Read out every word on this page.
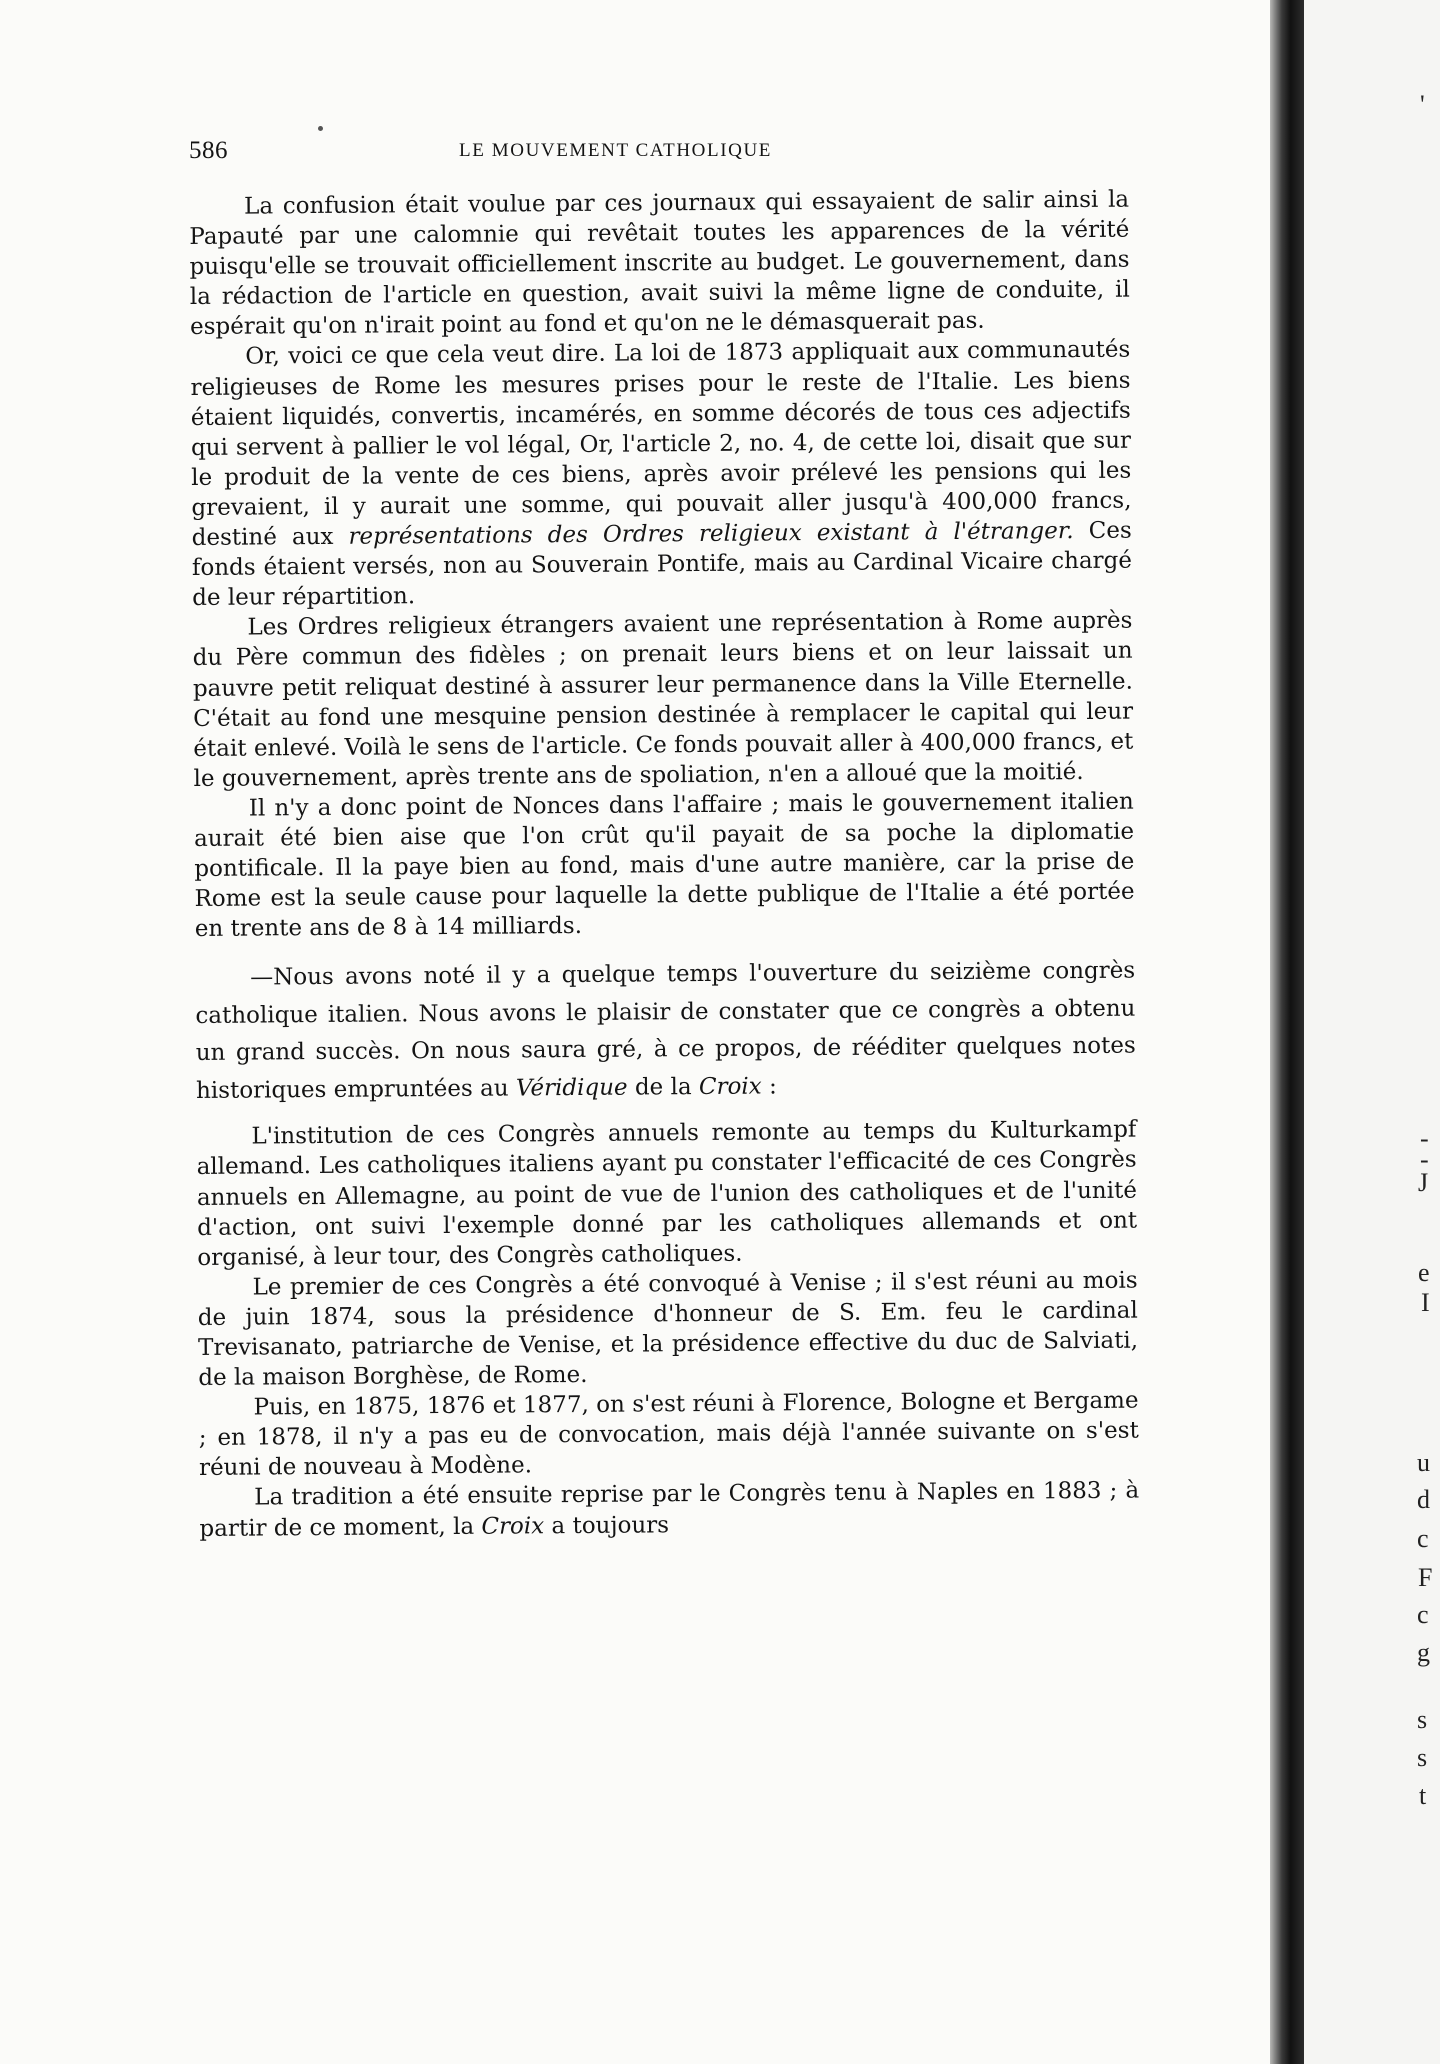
586	LE MOUVEMENT CATHOLIQUE

La confusion était voulue par ces journaux qui essayaient de salir ainsi la Papauté par une calomnie qui revêtait toutes les apparences de la vérité puisqu'elle se trouvait officiellement inscrite au budget. Le gouvernement, dans la rédaction de l'article en question, avait suivi la même ligne de conduite, il espérait qu'on n'irait point au fond et qu'on ne le démasquerait pas.

Or, voici ce que cela veut dire. La loi de 1873 appliquait aux communautés religieuses de Rome les mesures prises pour le reste de l'Italie. Les biens étaient liquidés, convertis, incamérés, en somme décorés de tous ces adjectifs qui servent à pallier le vol légal, Or, l'article 2, no. 4, de cette loi, disait que sur le produit de la vente de ces biens, après avoir prélevé les pensions qui les grevaient, il y aurait une somme, qui pouvait aller jusqu'à 400,000 francs, destiné aux représentations des Ordres religieux existant à l'étranger. Ces fonds étaient versés, non au Souverain Pontife, mais au Cardinal Vicaire chargé de leur répartition.

Les Ordres religieux étrangers avaient une représentation à Rome auprès du Père commun des fidèles ; on prenait leurs biens et on leur laissait un pauvre petit reliquat destiné à assurer leur permanence dans la Ville Eternelle. C'était au fond une mesquine pension destinée à remplacer le capital qui leur était enlevé. Voilà le sens de l'article. Ce fonds pouvait aller à 400,000 francs, et le gouvernement, après trente ans de spoliation, n'en a alloué que la moitié.

Il n'y a donc point de Nonces dans l'affaire ; mais le gouvernement italien aurait été bien aise que l'on crût qu'il payait de sa poche la diplomatie pontificale. Il la paye bien au fond, mais d'une autre manière, car la prise de Rome est la seule cause pour laquelle la dette publique de l'Italie a été portée en trente ans de 8 à 14 milliards.

—Nous avons noté il y a quelque temps l'ouverture du seizième congrès catholique italien. Nous avons le plaisir de constater que ce congrès a obtenu un grand succès. On nous saura gré, à ce propos, de rééditer quelques notes historiques empruntées au Véridique de la Croix :

L'institution de ces Congrès annuels remonte au temps du Kulturkampf allemand. Les catholiques italiens ayant pu constater l'efficacité de ces Congrès annuels en Allemagne, au point de vue de l'union des catholiques et de l'unité d'action, ont suivi l'exemple donné par les catholiques allemands et ont organisé, à leur tour, des Congrès catholiques.

Le premier de ces Congrès a été convoqué à Venise ; il s'est réuni au mois de juin 1874, sous la présidence d'honneur de S. Em. feu le cardinal Trevisanato, patriarche de Venise, et la présidence effective du duc de Salviati, de la maison Borghèse, de Rome.

Puis, en 1875, 1876 et 1877, on s'est réuni à Florence, Bologne et Bergame ; en 1878, il n'y a pas eu de convocation, mais déjà l'année suivante on s'est réuni de nouveau à Modène.

La tradition a été ensuite reprise par le Congrès tenu à Naples en 1883 ; à partir de ce moment, la Croix a toujours

'
-
-
J
e
I
u
d
c
F
c
g
s
s
t
